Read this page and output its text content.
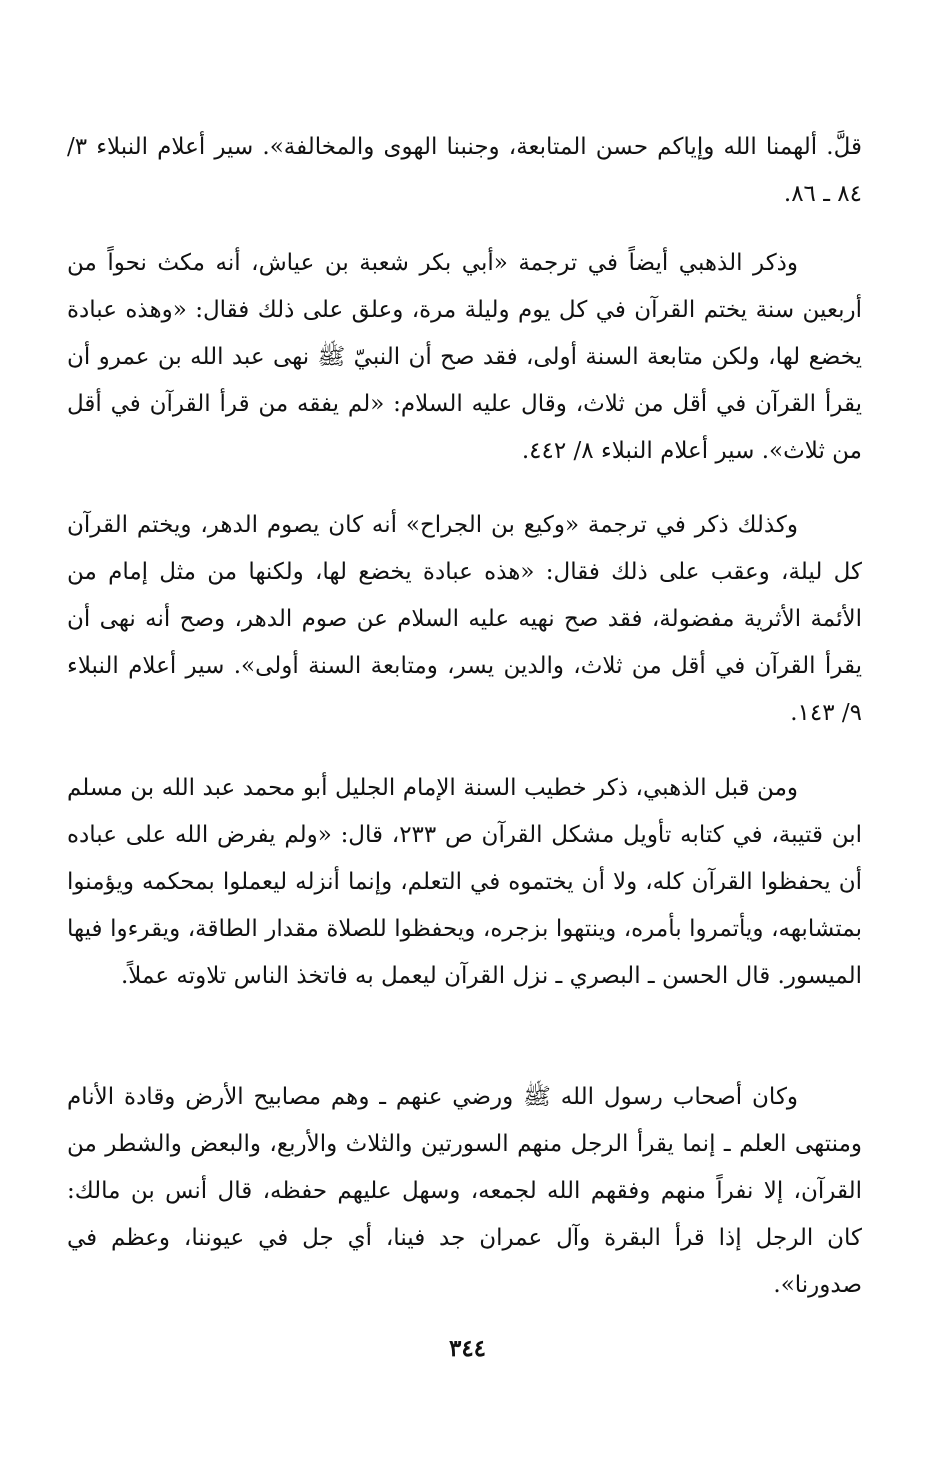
قلَّ. ألهمنا الله وإياكم حسن المتابعة، وجنبنا الهوى والمخالفة». سير أعلام النبلاء ٣/ ٨٤ ـ ٨٦.

وذكر الذهبي أيضاً في ترجمة «أبي بكر شعبة بن عياش، أنه مكث نحواً من أربعين سنة يختم القرآن في كل يوم وليلة مرة، وعلق على ذلك فقال: «وهذه عبادة يخضع لها، ولكن متابعة السنة أولى، فقد صح أن النبيّ ﷺ نهى عبد الله بن عمرو أن يقرأ القرآن في أقل من ثلاث، وقال عليه السلام: «لم يفقه من قرأ القرآن في أقل من ثلاث». سير أعلام النبلاء ٨/ ٤٤٢.

وكذلك ذكر في ترجمة «وكيع بن الجراح» أنه كان يصوم الدهر، ويختم القرآن كل ليلة، وعقب على ذلك فقال: «هذه عبادة يخضع لها، ولكنها من مثل إمام من الأئمة الأثرية مفضولة، فقد صح نهيه عليه السلام عن صوم الدهر، وصح أنه نهى أن يقرأ القرآن في أقل من ثلاث، والدين يسر، ومتابعة السنة أولى». سير أعلام النبلاء ٩/ ١٤٣.

ومن قبل الذهبي، ذكر خطيب السنة الإمام الجليل أبو محمد عبد الله بن مسلم ابن قتيبة، في كتابه تأويل مشكل القرآن ص ٢٣٣، قال: «ولم يفرض الله على عباده أن يحفظوا القرآن كله، ولا أن يختموه في التعلم، وإنما أنزله ليعملوا بمحكمه ويؤمنوا بمتشابهه، ويأتمروا بأمره، وينتهوا بزجره، ويحفظوا للصلاة مقدار الطاقة، ويقرءوا فيها الميسور. قال الحسن ـ البصري ـ نزل القرآن ليعمل به فاتخذ الناس تلاوته عملاً.

وكان أصحاب رسول الله ﷺ ورضي عنهم ـ وهم مصابيح الأرض وقادة الأنام ومنتهى العلم ـ إنما يقرأ الرجل منهم السورتين والثلاث والأربع، والبعض والشطر من القرآن، إلا نفراً منهم وفقهم الله لجمعه، وسهل عليهم حفظه، قال أنس بن مالك: كان الرجل إذا قرأ البقرة وآل عمران جد فينا، أي جل في عيوننا، وعظم في صدورنا».

٣٤٤
